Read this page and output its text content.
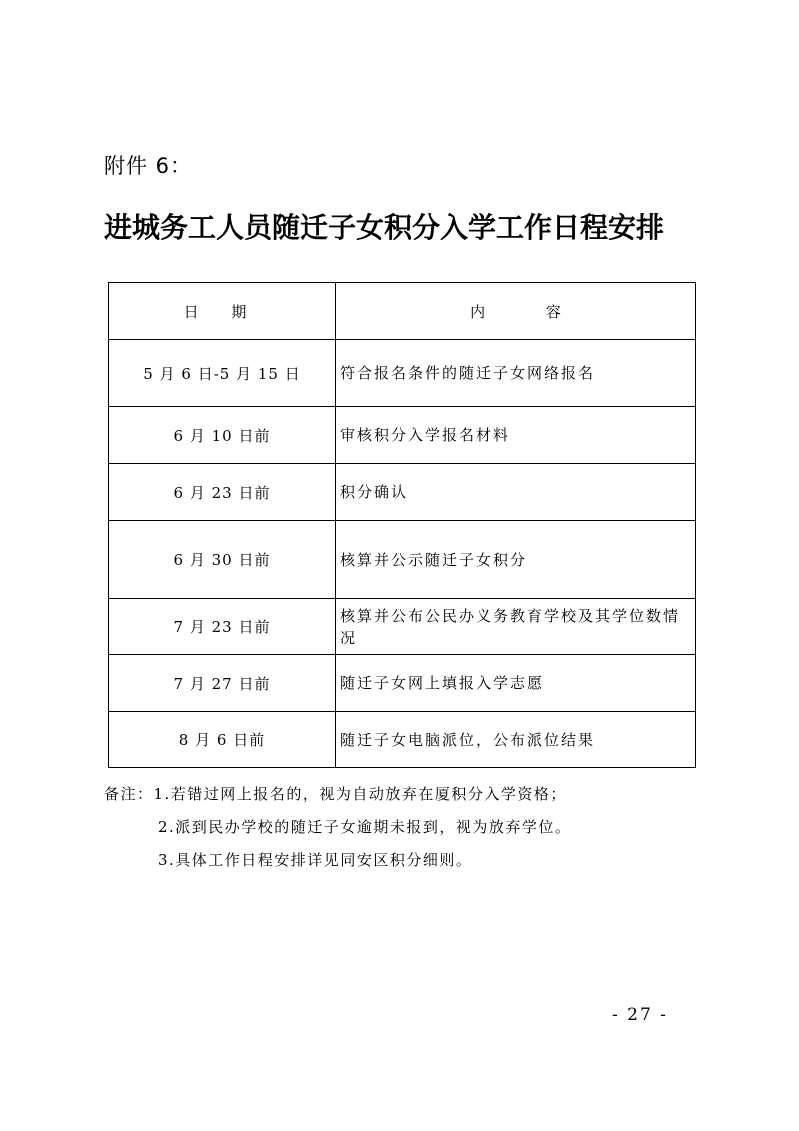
附件 6：
进城务工人员随迁子女积分入学工作日程安排
日 期	内 容
5 月 6 日-5 月 15 日	符合报名条件的随迁子女网络报名
6 月 10 日前	审核积分入学报名材料
6 月 23 日前	积分确认
6 月 30 日前	核算并公示随迁子女积分
7 月 23 日前	核算并公布公民办义务教育学校及其学位数情况
7 月 27 日前	随迁子女网上填报入学志愿
8 月 6 日前	随迁子女电脑派位，公布派位结果
备注：1.若错过网上报名的，视为自动放弃在厦积分入学资格；
2.派到民办学校的随迁子女逾期未报到，视为放弃学位。
3.具体工作日程安排详见同安区积分细则。
- 27 -
